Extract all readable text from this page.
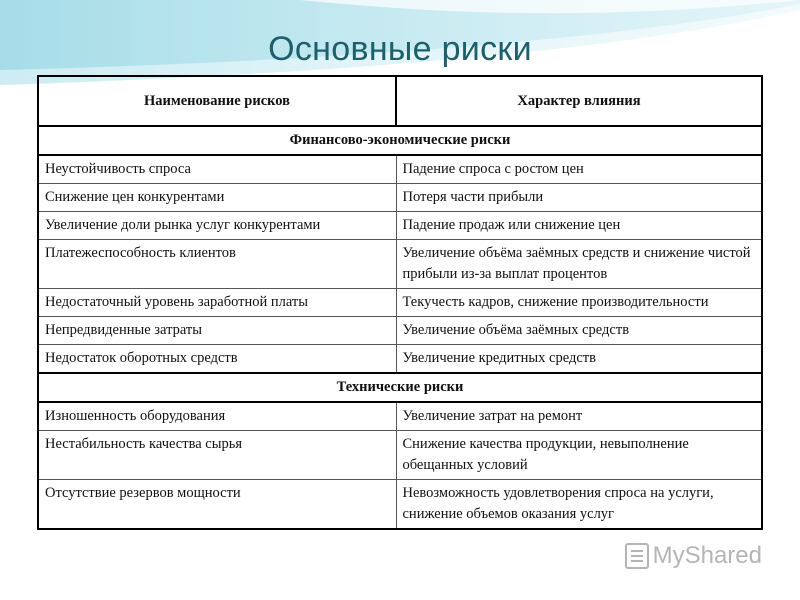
Основные риски
Наименование рисков	Характер влияния
Финансово-экономические риски	
Неустойчивость спроса	Падение спроса с ростом цен
Снижение цен конкурентами	Потеря части прибыли
Увеличение доли рынка услуг конкурентами	Падение продаж или снижение цен
Платежеспособность клиентов	Увеличение объёма заёмных средств и снижение чистой прибыли из-за выплат процентов
Недостаточный уровень заработной платы	Текучесть кадров, снижение производительности
Непредвиденные затраты	Увеличение объёма заёмных средств
Недостаток оборотных средств	Увеличение кредитных средств
Технические риски	
Изношенность оборудования	Увеличение затрат на ремонт
Нестабильность качества сырья	Снижение качества продукции, невыполнение обещанных условий
Отсутствие резервов мощности	Невозможность удовлетворения спроса на услуги, снижение объемов оказания услуг
MyShared
